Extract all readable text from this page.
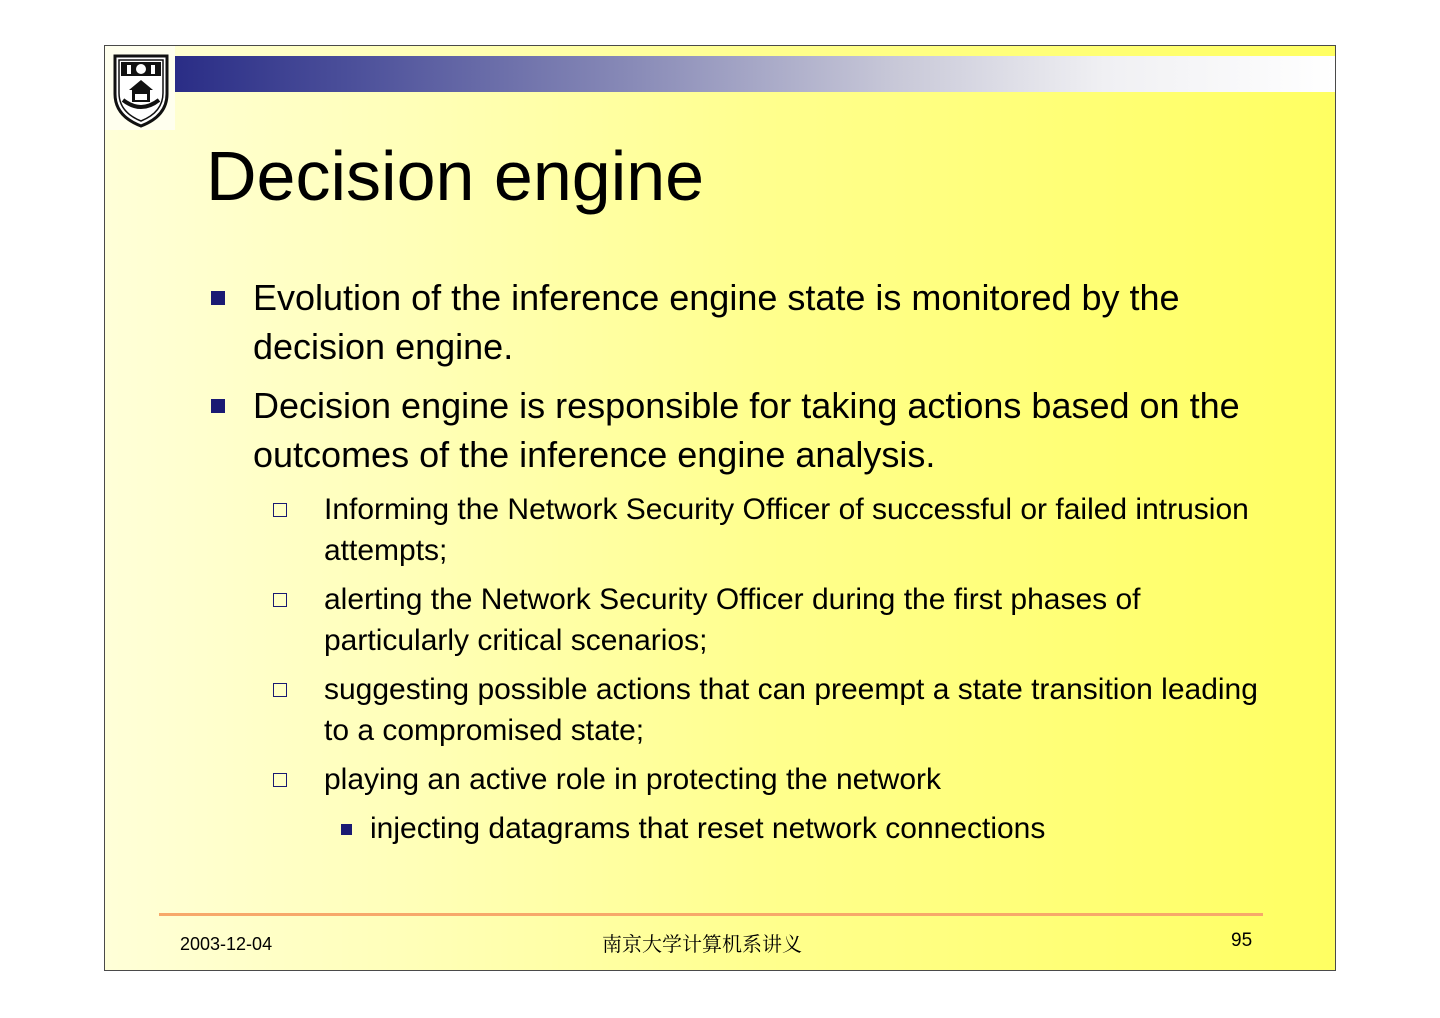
Decision engine
Evolution of the inference engine state is monitored by the decision engine.
Decision engine is responsible for taking actions based on the outcomes of the inference engine analysis.
Informing the Network Security Officer of successful or failed intrusion attempts;
alerting the Network Security Officer during the first phases of particularly critical scenarios;
suggesting possible actions that can preempt a state transition leading to a compromised state;
playing an active role in protecting the network
injecting datagrams that reset network connections
2003-12-04	南京大学计算机系讲义	95
